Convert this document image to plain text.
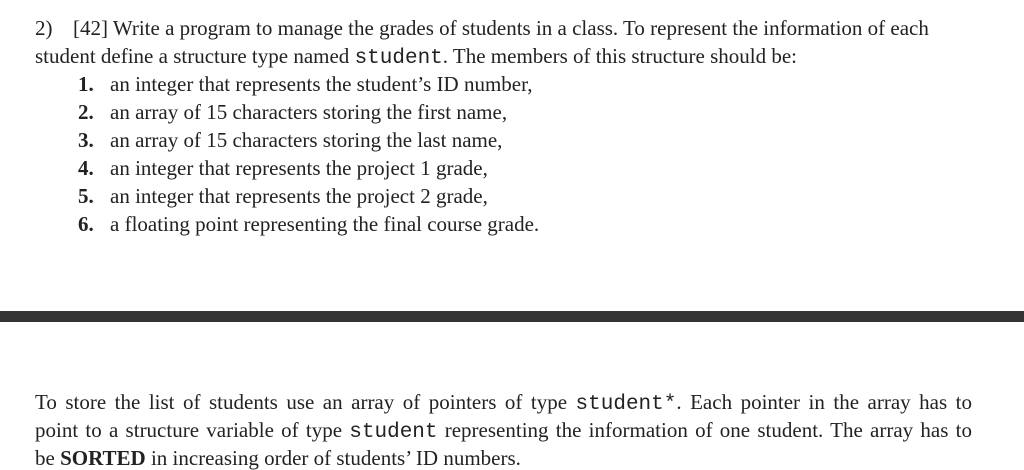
2) [42] Write a program to manage the grades of students in a class. To represent the information of each
student define a structure type named student. The members of this structure should be:
1. an integer that represents the student’s ID number,
2. an array of 15 characters storing the first name,
3. an array of 15 characters storing the last name,
4. an integer that represents the project 1 grade,
5. an integer that represents the project 2 grade,
6. a floating point representing the final course grade.
To store the list of students use an array of pointers of type student*. Each pointer in the array has to
point to a structure variable of type student representing the information of one student. The array has to
be SORTED in increasing order of students’ ID numbers.
